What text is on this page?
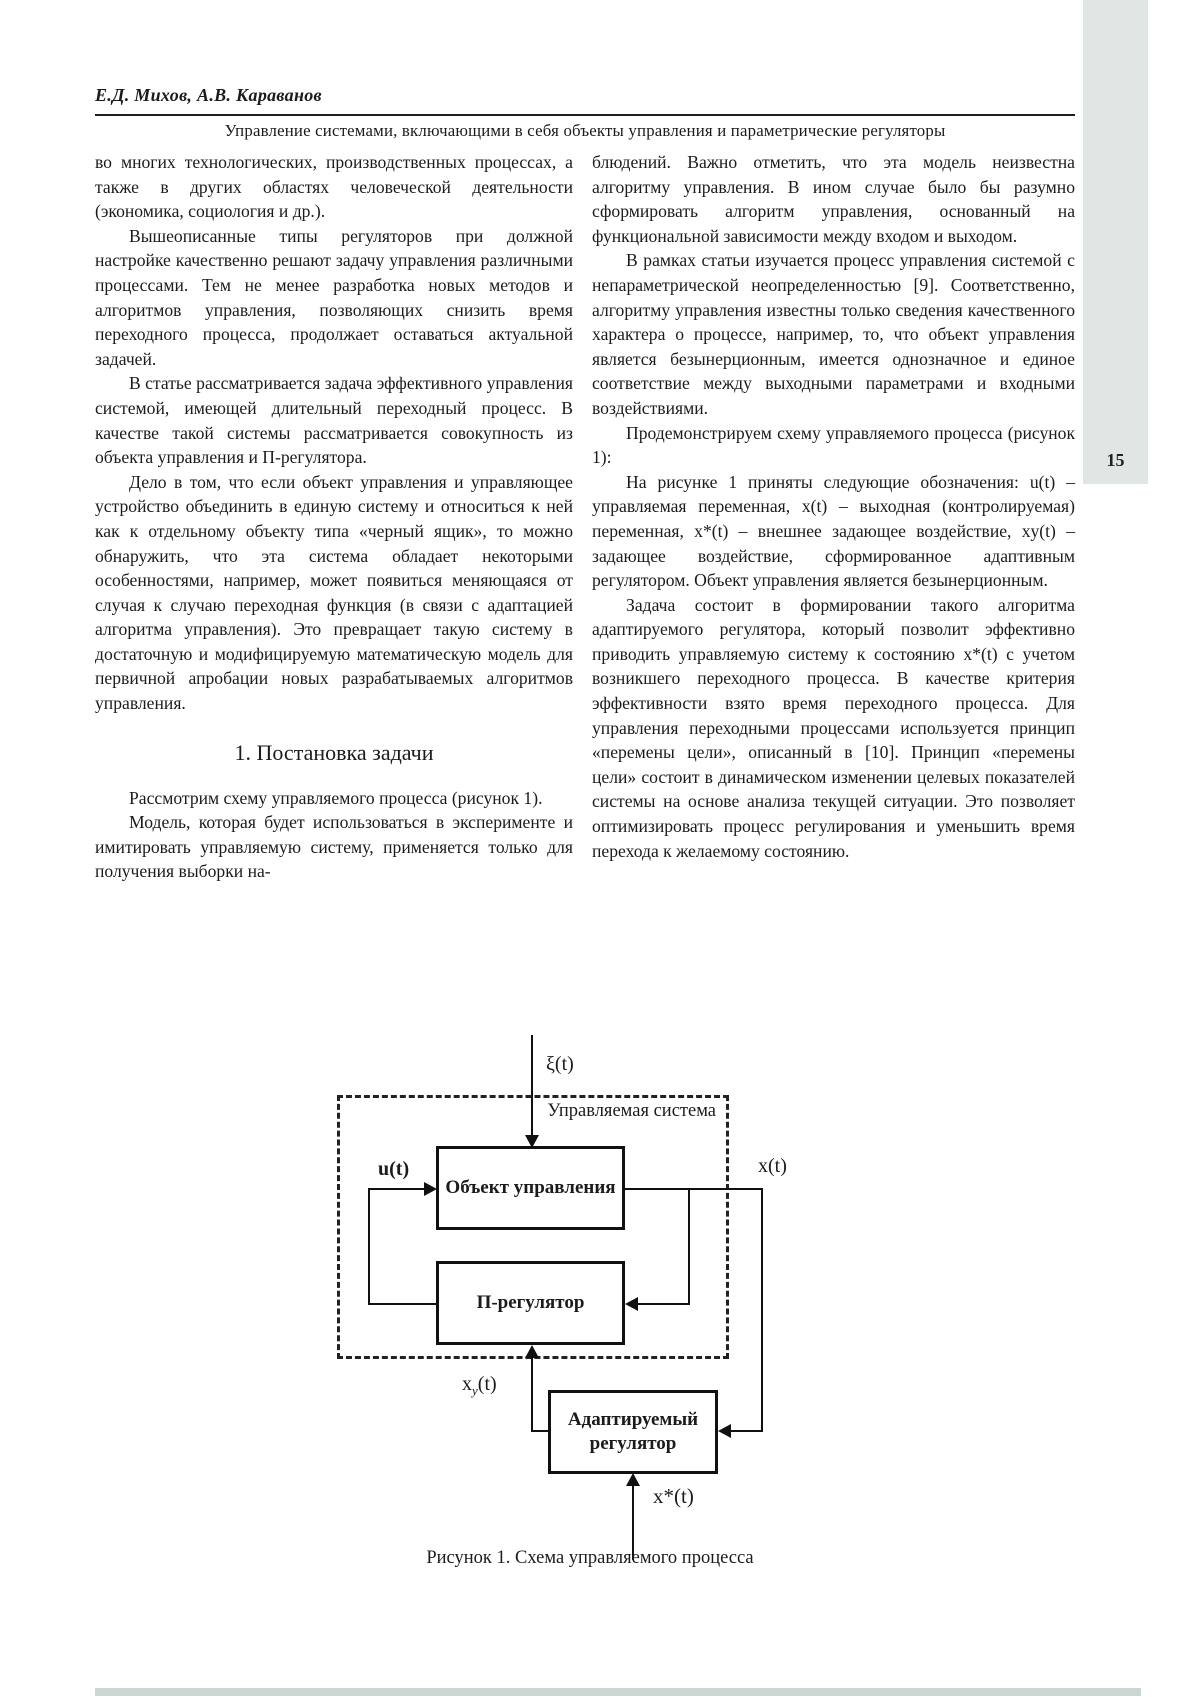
15
Е.Д. Михов, А.В. Караванов
Управление системами, включающими в себя объекты управления и параметрические регуляторы

во многих технологических, производственных процессах, а также в других областях человеческой деятельности (экономика, социология и др.).

Вышеописанные типы регуляторов при должной настройке качественно решают задачу управления различными процессами. Тем не менее разработка новых методов и алгоритмов управления, позволяющих снизить время переходного процесса, продолжает оставаться актуальной задачей.

В статье рассматривается задача эффективного управления системой, имеющей длительный переходный процесс. В качестве такой системы рассматривается совокупность из объекта управления и П-регулятора.

Дело в том, что если объект управления и управляющее устройство объединить в единую систему и относиться к ней как к отдельному объекту типа «черный ящик», то можно обнаружить, что эта система обладает некоторыми особенностями, например, может появиться меняющаяся от случая к случаю переходная функция (в связи с адаптацией алгоритма управления). Это превращает такую систему в достаточную и модифицируемую математическую модель для первичной апробации новых разрабатываемых алгоритмов управления.

1. Постановка задачи

Рассмотрим схему управляемого процесса (рисунок 1).

Модель, которая будет использоваться в эксперименте и имитировать управляемую систему, применяется только для получения выборки на-

блюдений. Важно отметить, что эта модель неизвестна алгоритму управления. В ином случае было бы разумно сформировать алгоритм управления, основанный на функциональной зависимости между входом и выходом.

В рамках статьи изучается процесс управления системой с непараметрической неопределенностью [9]. Соответственно, алгоритму управления известны только сведения качественного характера о процессе, например, то, что объект управления является безынерционным, имеется однозначное и единое соответствие между выходными параметрами и входными воздействиями.

Продемонстрируем схему управляемого процесса (рисунок 1):

На рисунке 1 приняты следующие обозначения: u(t) – управляемая переменная, x(t) – выходная (контролируемая) переменная, x*(t) – внешнее задающее воздействие, xy(t) – задающее воздействие, сформированное адаптивным регулятором. Объект управления является безынерционным.

Задача состоит в формировании такого алгоритма адаптируемого регулятора, который позволит эффективно приводить управляемую систему к состоянию x*(t) с учетом возникшего переходного процесса. В качестве критерия эффективности взято время переходного процесса. Для управления переходными процессами используется принцип «перемены цели», описанный в [10]. Принцип «перемены цели» состоит в динамическом изменении целевых показателей системы на основе анализа текущей ситуации. Это позволяет оптимизировать процесс регулирования и уменьшить время перехода к желаемому состоянию.

ξ(t)
Управляемая система
Объект управления
П-регулятор
Адаптируемый регулятор
u(t)	x(t)
$x_y(t)$
x*(t)
Рисунок 1. Схема управляемого процесса
